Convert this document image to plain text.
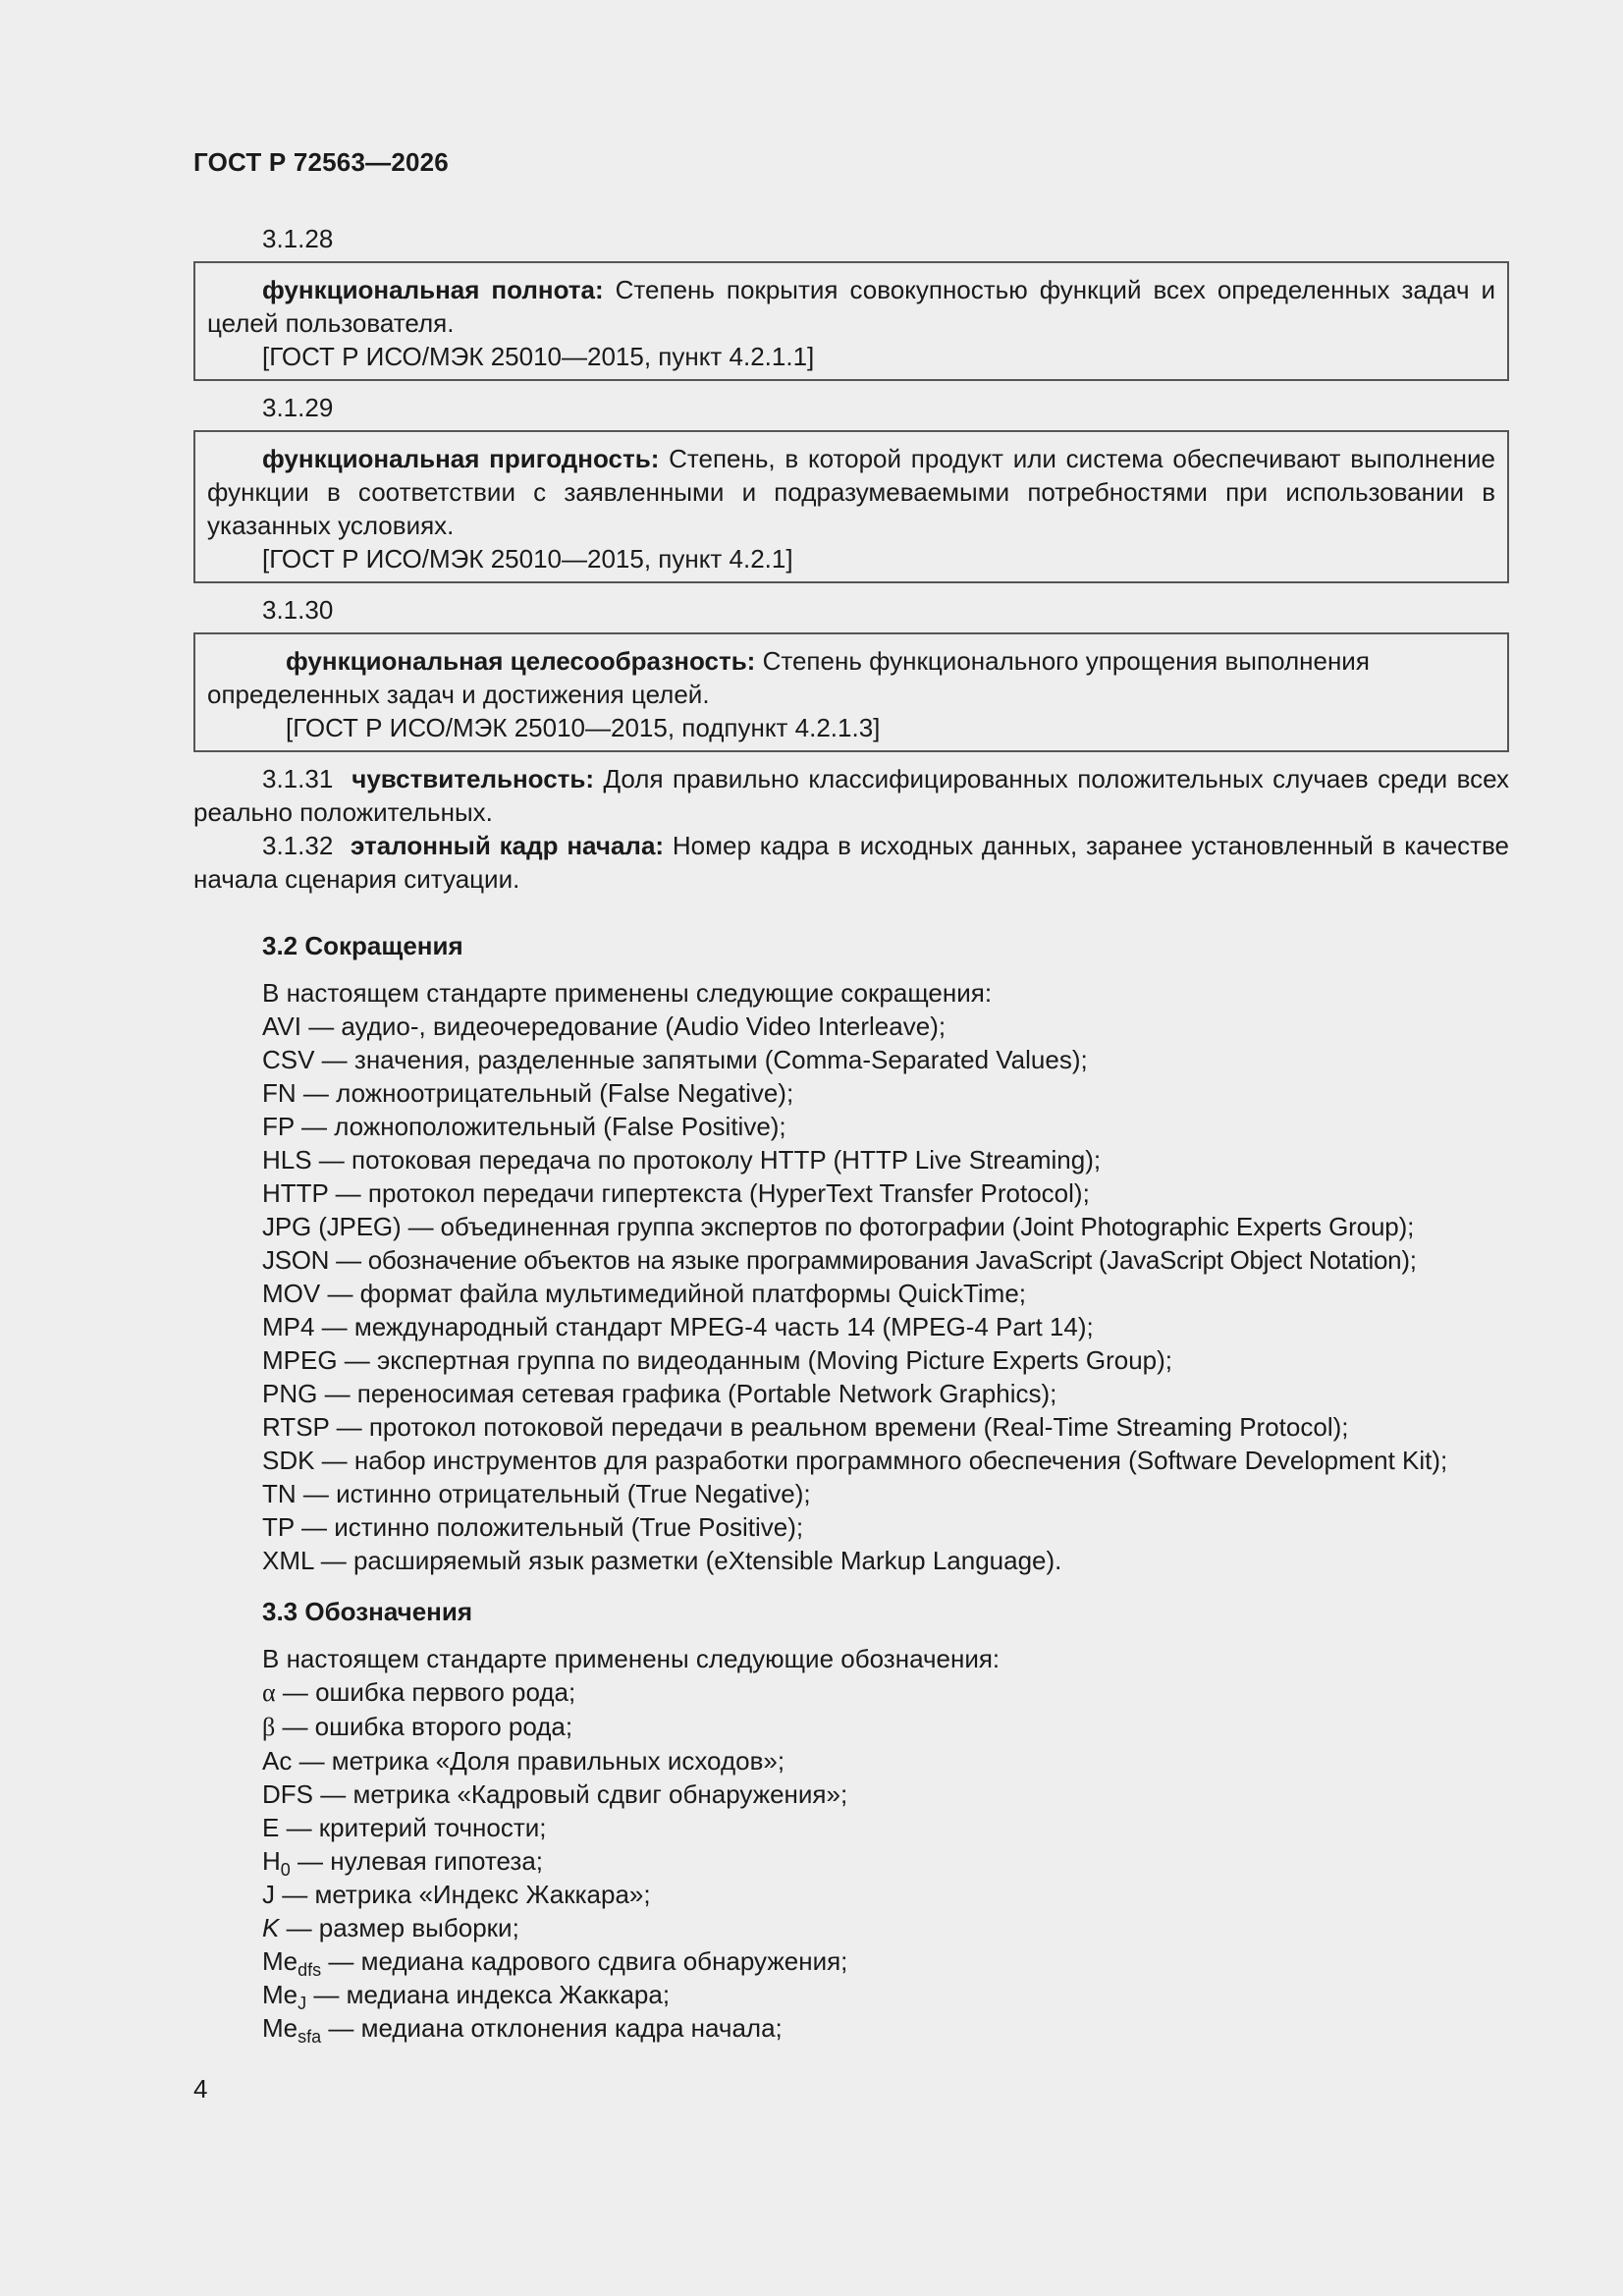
ГОСТ Р 72563—2026
3.1.28
функциональная полнота: Степень покрытия совокупностью функций всех определенных задач и целей пользователя.
[ГОСТ Р ИСО/МЭК 25010—2015, пункт 4.2.1.1]
3.1.29
функциональная пригодность: Степень, в которой продукт или система обеспечивают выполнение функции в соответствии с заявленными и подразумеваемыми потребностями при использовании в указанных условиях.
[ГОСТ Р ИСО/МЭК 25010—2015, пункт 4.2.1]
3.1.30
функциональная целесообразность: Степень функционального упрощения выполнения определенных задач и достижения целей.
[ГОСТ Р ИСО/МЭК 25010—2015, подпункт 4.2.1.3]
3.1.31 чувствительность: Доля правильно классифицированных положительных случаев среди всех реально положительных.
3.1.32 эталонный кадр начала: Номер кадра в исходных данных, заранее установленный в качестве начала сценария ситуации.
3.2 Сокращения
В настоящем стандарте применены следующие сокращения:
AVI — аудио-, видеочередование (Audio Video Interleave);
CSV — значения, разделенные запятыми (Comma-Separated Values);
FN — ложноотрицательный (False Negative);
FP — ложноположительный (False Positive);
HLS — потоковая передача по протоколу HTTP (HTTP Live Streaming);
HTTP — протокол передачи гипертекста (HyperText Transfer Protocol);
JPG (JPEG) — объединенная группа экспертов по фотографии (Joint Photographic Experts Group);
JSON — обозначение объектов на языке программирования JavaScript (JavaScript Object Notation);
MOV — формат файла мультимедийной платформы QuickTime;
MP4 — международный стандарт MPEG-4 часть 14 (MPEG-4 Part 14);
MPEG — экспертная группа по видеоданным (Moving Picture Experts Group);
PNG — переносимая сетевая графика (Portable Network Graphics);
RTSP — протокол потоковой передачи в реальном времени (Real-Time Streaming Protocol);
SDK — набор инструментов для разработки программного обеспечения (Software Development Kit);
TN — истинно отрицательный (True Negative);
TP — истинно положительный (True Positive);
XML — расширяемый язык разметки (eXtensible Markup Language).
3.3 Обозначения
В настоящем стандарте применены следующие обозначения:
α — ошибка первого рода;
β — ошибка второго рода;
Ac — метрика «Доля правильных исходов»;
DFS — метрика «Кадровый сдвиг обнаружения»;
E — критерий точности;
$H_0$ — нулевая гипотеза;
J — метрика «Индекс Жаккара»;
K — размер выборки;
$Me_{dfs}$ — медиана кадрового сдвига обнаружения;
$Me_J$ — медиана индекса Жаккара;
$Me_{sfa}$ — медиана отклонения кадра начала;
4
